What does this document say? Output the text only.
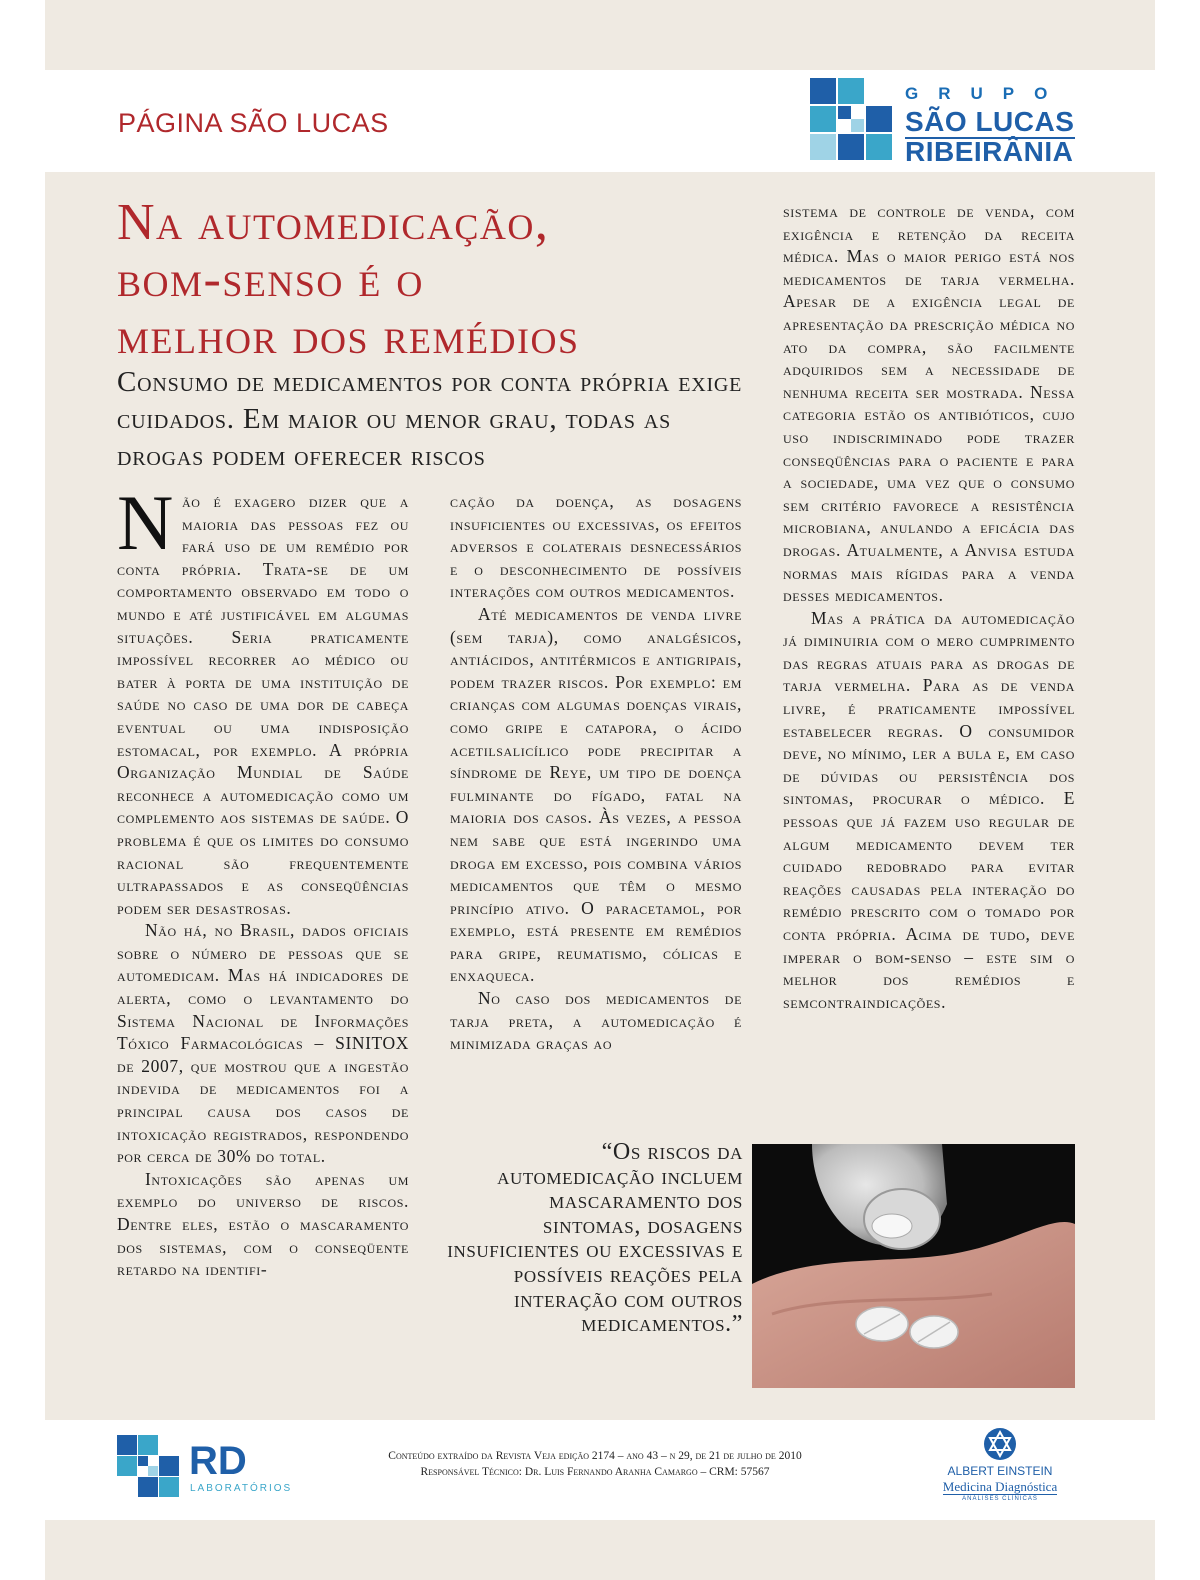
PÁGINA SÃO LUCAS
GRUPO
SÃO LUCAS
RIBEIRÂNIA
Na automedicação,
bom-senso é o
melhor dos remédios

Consumo de medicamentos por conta própria exige cuidados. Em maior ou menor grau, todas as drogas podem oferecer riscos

Não é exagero dizer que a maioria das pessoas fez ou fará uso de um remédio por conta própria. Trata-se de um comportamento observado em todo o mundo e até justificável em algumas situações. Seria praticamente impossível recorrer ao médico ou bater à porta de uma instituição de saúde no caso de uma dor de cabeça eventual ou uma indisposição estomacal, por exemplo. A própria Organização Mundial de Saúde reconhece a automedicação como um complemento aos sistemas de saúde. O problema é que os limites do consumo racional são frequentemente ultrapassados e as conseqüências podem ser desastrosas.

Não há, no Brasil, dados oficiais sobre o número de pessoas que se automedicam. Mas há indicadores de alerta, como o levantamento do Sistema Nacional de Informações Tóxico Farmacológicas – SINITOX de 2007, que mostrou que a ingestão indevida de medicamentos foi a principal causa dos casos de intoxicação registrados, respondendo por cerca de 30% do total.

Intoxicações são apenas um exemplo do universo de riscos. Dentre eles, estão o mascaramento dos sistemas, com o conseqüente retardo na identifi-

cação da doença, as dosagens insuficientes ou excessivas, os efeitos adversos e colaterais desnecessários e o desconhecimento de possíveis interações com outros medicamentos.

Até medicamentos de venda livre (sem tarja), como analgésicos, antiácidos, antitérmicos e antigripais, podem trazer riscos. Por exemplo: em crianças com algumas doenças virais, como gripe e catapora, o ácido acetilsalicílico pode precipitar a síndrome de Reye, um tipo de doença fulminante do fígado, fatal na maioria dos casos. Às vezes, a pessoa nem sabe que está ingerindo uma droga em excesso, pois combina vários medicamentos que têm o mesmo princípio ativo. O paracetamol, por exemplo, está presente em remédios para gripe, reumatismo, cólicas e enxaqueca.

No caso dos medicamentos de tarja preta, a automedicação é minimizada graças ao

sistema de controle de venda, com exigência e retenção da receita médica. Mas o maior perigo está nos medicamentos de tarja vermelha. Apesar de a exigência legal de apresentação da prescrição médica no ato da compra, são facilmente adquiridos sem a necessidade de nenhuma receita ser mostrada. Nessa categoria estão os antibióticos, cujo uso indiscriminado pode trazer conseqüências para o paciente e para a sociedade, uma vez que o consumo sem critério favorece a resistência microbiana, anulando a eficácia das drogas. Atualmente, a Anvisa estuda normas mais rígidas para a venda desses medicamentos.

Mas a prática da automedicação já diminuiria com o mero cumprimento das regras atuais para as drogas de tarja vermelha. Para as de venda livre, é praticamente impossível estabelecer regras. O consumidor deve, no mínimo, ler a bula e, em caso de dúvidas ou persistência dos sintomas, procurar o médico. E pessoas que já fazem uso regular de algum medicamento devem ter cuidado redobrado para evitar reações causadas pela interação do remédio prescrito com o tomado por conta própria. Acima de tudo, deve imperar o bom-senso – este sim o melhor dos remédios e semcontraindicações.

“Os riscos da automedicação incluem mascaramento dos sintomas, dosagens insuficientes ou excessivas e possíveis reações pela interação com outros medicamentos.”
RD
LABORATÓRIOS
Conteúdo extraído da Revista Veja edição 2174 – ano 43 – n 29, de 21 de julho de 2010
Responsável Técnico: Dr. Luis Fernando Aranha Camargo – CRM: 57567	ALBERT EINSTEIN
Medicina Diagnóstica
ANÁLISES CLÍNICAS
